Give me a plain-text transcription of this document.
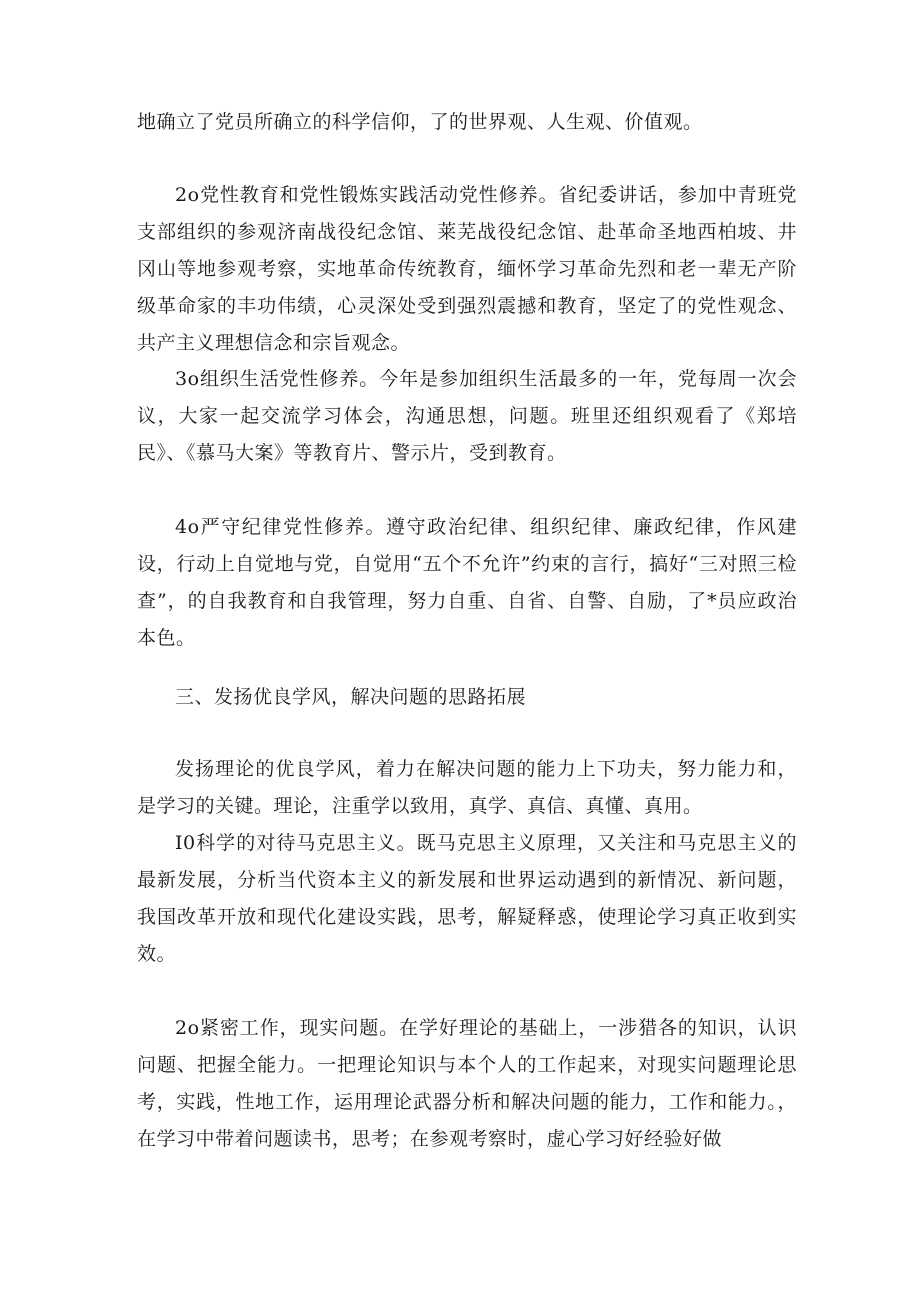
地确立了党员所确立的科学信仰，了的世界观、人生观、价值观。

2o党性教育和党性锻炼实践活动党性修养。省纪委讲话，参加中青班党支部组织的参观济南战役纪念馆、莱芜战役纪念馆、赴革命圣地西柏坡、井冈山等地参观考察，实地革命传统教育，缅怀学习革命先烈和老一辈无产阶级革命家的丰功伟绩，心灵深处受到强烈震撼和教育，坚定了的党性观念、共产主义理想信念和宗旨观念。

3o组织生活党性修养。今年是参加组织生活最多的一年，党每周一次会议，大家一起交流学习体会，沟通思想，问题。班里还组织观看了《郑培民》、《慕马大案》等教育片、警示片，受到教育。

4o严守纪律党性修养。遵守政治纪律、组织纪律、廉政纪律，作风建设，行动上自觉地与党，自觉用“五个不允许”约束的言行，搞好“三对照三检查”，的自我教育和自我管理，努力自重、自省、自警、自励，了*员应政治本色。

三、发扬优良学风，解决问题的思路拓展

发扬理论的优良学风，着力在解决问题的能力上下功夫，努力能力和，是学习的关键。理论，注重学以致用，真学、真信、真懂、真用。

I0科学的对待马克思主义。既马克思主义原理，又关注和马克思主义的最新发展，分析当代资本主义的新发展和世界运动遇到的新情况、新问题，我国改革开放和现代化建设实践，思考，解疑释惑，使理论学习真正收到实效。

2o紧密工作，现实问题。在学好理论的基础上，一涉猎各的知识，认识问题、把握全能力。一把理论知识与本个人的工作起来，对现实问题理论思考，实践，性地工作，运用理论武器分析和解决问题的能力，工作和能力。，在学习中带着问题读书，思考；在参观考察时，虚心学习好经验好做
